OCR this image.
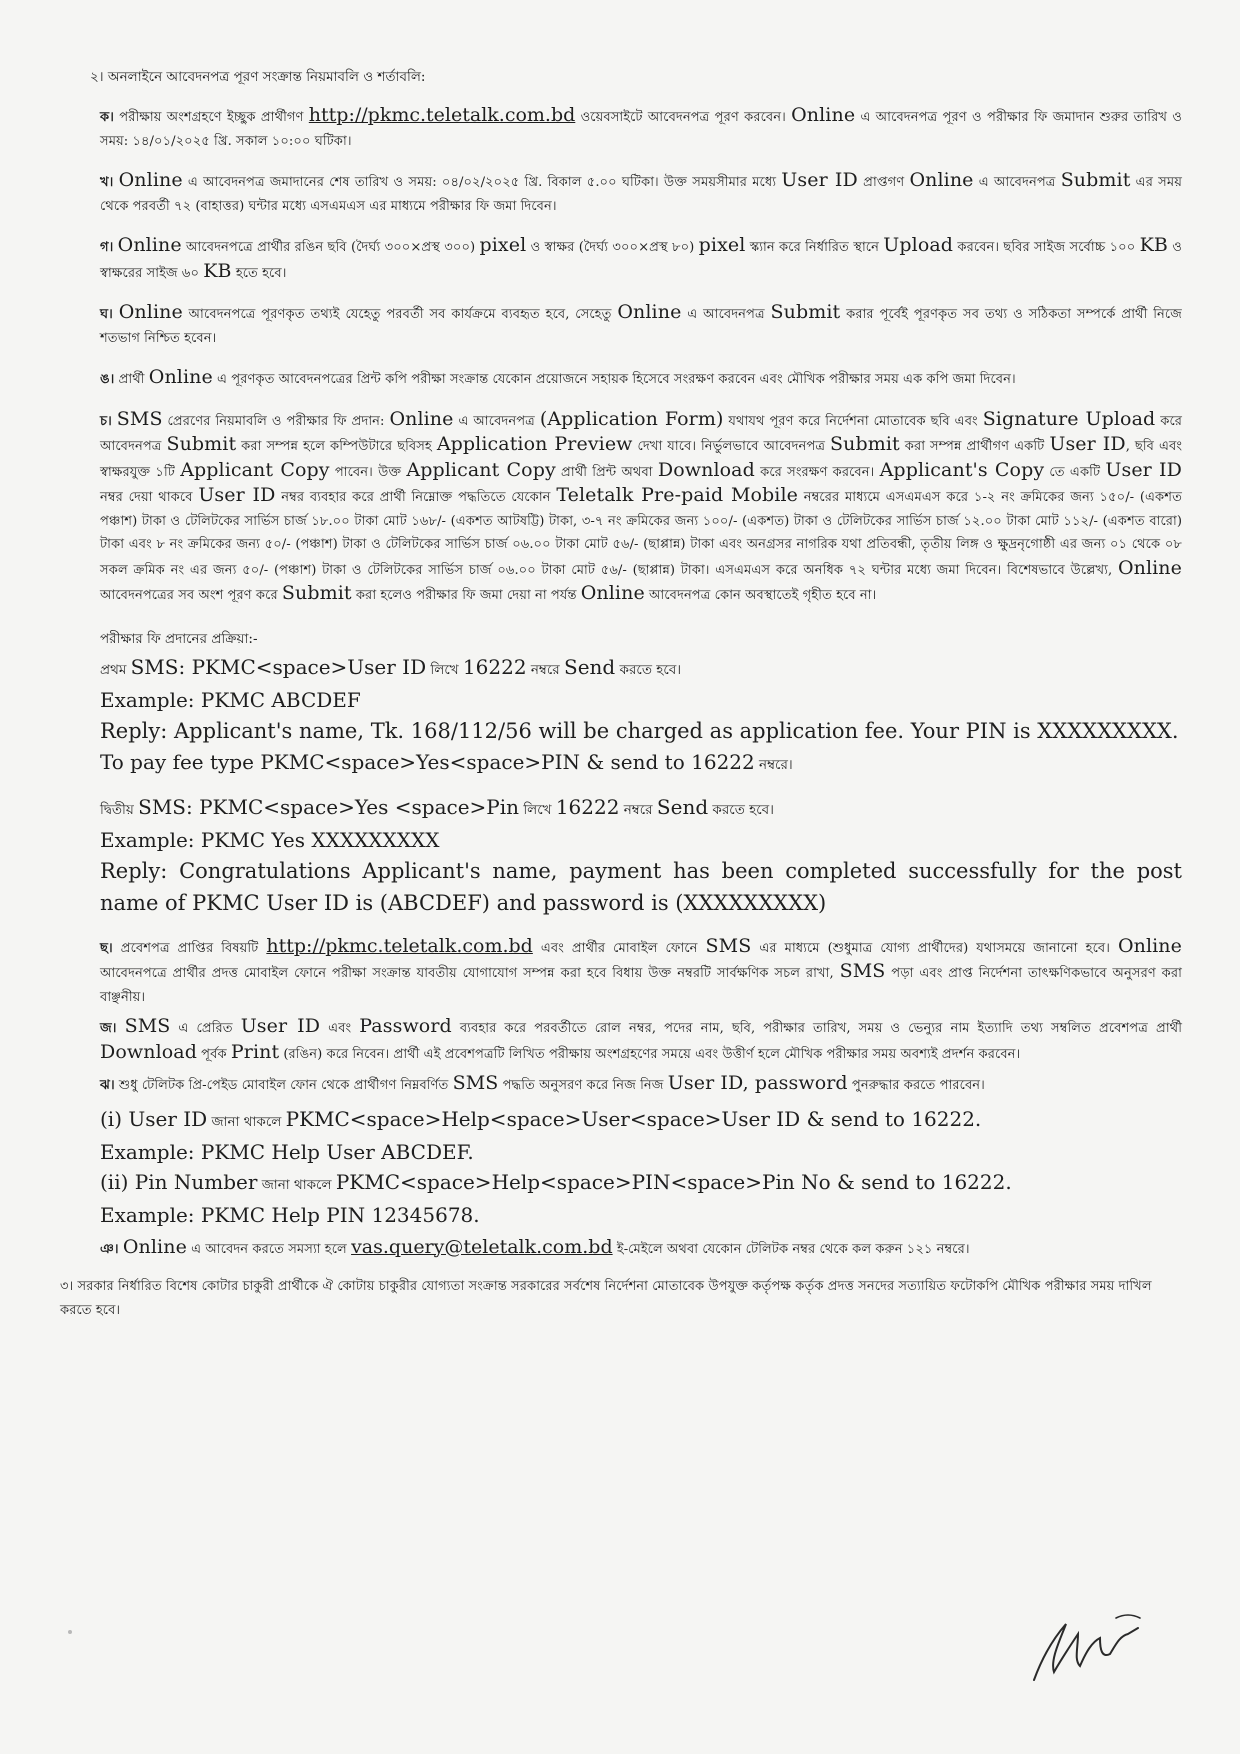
২। অনলাইনে আবেদনপত্র পূরণ সংক্রান্ত নিয়মাবলি ও শর্তাবলি:

ক। পরীক্ষায় অংশগ্রহণে ইচ্ছুক প্রার্থীগণ http://pkmc.teletalk.com.bd ওয়েবসাইটে আবেদনপত্র পূরণ করবেন। Online এ আবেদনপত্র পূরণ ও পরীক্ষার ফি জমাদান শুরুর তারিখ ও সময়: ১৪/০১/২০২৫ খ্রি. সকাল ১০:০০ ঘটিকা।

খ। Online এ আবেদনপত্র জমাদানের শেষ তারিখ ও সময়: ০৪/০২/২০২৫ খ্রি. বিকাল ৫.০০ ঘটিকা। উক্ত সময়সীমার মধ্যে User ID প্রাপ্তগণ Online এ আবেদনপত্র Submit এর সময় থেকে পরবর্তী ৭২ (বাহাত্তর) ঘন্টার মধ্যে এসএমএস এর মাধ্যমে পরীক্ষার ফি জমা দিবেন।

গ। Online আবেদনপত্রে প্রার্থীর রঙিন ছবি (দৈর্ঘ্য ৩০০×প্রস্থ ৩০০) pixel ও স্বাক্ষর (দৈর্ঘ্য ৩০০×প্রস্থ ৮০) pixel স্ক্যান করে নির্ধারিত স্থানে Upload করবেন। ছবির সাইজ সর্বোচ্চ ১০০ KB ও স্বাক্ষরের সাইজ ৬০ KB হতে হবে।

ঘ। Online আবেদনপত্রে পূরণকৃত তথ্যই যেহেতু পরবর্তী সব কার্যক্রমে ব্যবহৃত হবে, সেহেতু Online এ আবেদনপত্র Submit করার পূর্বেই পূরণকৃত সব তথ্য ও সঠিকতা সম্পর্কে প্রার্থী নিজে শতভাগ নিশ্চিত হবেন।

ঙ। প্রার্থী Online এ পূরণকৃত আবেদনপত্রের প্রিন্ট কপি পরীক্ষা সংক্রান্ত যেকোন প্রয়োজনে সহায়ক হিসেবে সংরক্ষণ করবেন এবং মৌখিক পরীক্ষার সময় এক কপি জমা দিবেন।

চ। SMS প্রেরণের নিয়মাবলি ও পরীক্ষার ফি প্রদান: Online এ আবেদনপত্র (Application Form) যথাযথ পূরণ করে নির্দেশনা মোতাবেক ছবি এবং Signature Upload করে আবেদনপত্র Submit করা সম্পন্ন হলে কম্পিউটারে ছবিসহ Application Preview দেখা যাবে। নির্ভুলভাবে আবেদনপত্র Submit করা সম্পন্ন প্রার্থীগণ একটি User ID, ছবি এবং স্বাক্ষরযুক্ত ১টি Applicant Copy পাবেন। উক্ত Applicant Copy প্রার্থী প্রিন্ট অথবা Download করে সংরক্ষণ করবেন। Applicant's Copy তে একটি User ID নম্বর দেয়া থাকবে User ID নম্বর ব্যবহার করে প্রার্থী নিম্নোক্ত পদ্ধতিতে যেকোন Teletalk Pre-paid Mobile নম্বরের মাধ্যমে এসএমএস করে ১-২ নং ক্রমিকের জন্য ১৫০/- (একশত পঞ্চাশ) টাকা ও টেলিটকের সার্ভিস চার্জ ১৮.০০ টাকা মোট ১৬৮/- (একশত আটষট্টি) টাকা, ৩-৭ নং ক্রমিকের জন্য ১০০/- (একশত) টাকা ও টেলিটকের সার্ভিস চার্জ ১২.০০ টাকা মোট ১১২/- (একশত বারো) টাকা এবং ৮ নং ক্রমিকের জন্য ৫০/- (পঞ্চাশ) টাকা ও টেলিটকের সার্ভিস চার্জ ০৬.০০ টাকা মোট ৫৬/- (ছাপ্পান্ন) টাকা এবং অনগ্রসর নাগরিক যথা প্রতিবন্ধী, তৃতীয় লিঙ্গ ও ক্ষুদ্রনৃগোষ্ঠী এর জন্য ০১ থেকে ০৮ সকল ক্রমিক নং এর জন্য ৫০/- (পঞ্চাশ) টাকা ও টেলিটকের সার্ভিস চার্জ ০৬.০০ টাকা মোট ৫৬/- (ছাপ্পান্ন) টাকা। এসএমএস করে অনধিক ৭২ ঘন্টার মধ্যে জমা দিবেন। বিশেষভাবে উল্লেখ্য, Online আবেদনপত্রের সব অংশ পূরণ করে Submit করা হলেও পরীক্ষার ফি জমা দেয়া না পর্যন্ত Online আবেদনপত্র কোন অবস্থাতেই গৃহীত হবে না।

পরীক্ষার ফি প্রদানের প্রক্রিয়া:-

প্রথম SMS: PKMC<space>User ID লিখে 16222 নম্বরে Send করতে হবে।

Example: PKMC ABCDEF

Reply: Applicant's name, Tk. 168/112/56 will be charged as application fee. Your PIN is XXXXXXXXX.

To pay fee type PKMC<space>Yes<space>PIN & send to 16222 নম্বরে।

দ্বিতীয় SMS: PKMC<space>Yes <space>Pin লিখে 16222 নম্বরে Send করতে হবে।

Example: PKMC Yes XXXXXXXXX

Reply: Congratulations Applicant's name, payment has been completed successfully for the post name of PKMC User ID is (ABCDEF) and password is (XXXXXXXXX)

ছ। প্রবেশপত্র প্রাপ্তির বিষয়টি http://pkmc.teletalk.com.bd এবং প্রার্থীর মোবাইল ফোনে SMS এর মাধ্যমে (শুধুমাত্র যোগ্য প্রার্থীদের) যথাসময়ে জানানো হবে। Online আবেদনপত্রে প্রার্থীর প্রদত্ত মোবাইল ফোনে পরীক্ষা সংক্রান্ত যাবতীয় যোগাযোগ সম্পন্ন করা হবে বিধায় উক্ত নম্বরটি সার্বক্ষণিক সচল রাখা, SMS পড়া এবং প্রাপ্ত নির্দেশনা তাৎক্ষণিকভাবে অনুসরণ করা বাঞ্ছনীয়।

জ। SMS এ প্রেরিত User ID এবং Password ব্যবহার করে পরবর্তীতে রোল নম্বর, পদের নাম, ছবি, পরীক্ষার তারিখ, সময় ও ভেন্যুর নাম ইত্যাদি তথ্য সম্বলিত প্রবেশপত্র প্রার্থী Download পূর্বক Print (রঙিন) করে নিবেন। প্রার্থী এই প্রবেশপত্রটি লিখিত পরীক্ষায় অংশগ্রহণের সময়ে এবং উত্তীর্ণ হলে মৌখিক পরীক্ষার সময় অবশ্যই প্রদর্শন করবেন।

ঝ। শুধু টেলিটক প্রি-পেইড মোবাইল ফোন থেকে প্রার্থীগণ নিম্নবর্ণিত SMS পদ্ধতি অনুসরণ করে নিজ নিজ User ID, password পুনরুদ্ধার করতে পারবেন।

(i) User ID জানা থাকলে PKMC<space>Help<space>User<space>User ID & send to 16222.

Example: PKMC Help User ABCDEF.

(ii) Pin Number জানা থাকলে PKMC<space>Help<space>PIN<space>Pin No & send to 16222.

Example: PKMC Help PIN 12345678.

ঞ। Online এ আবেদন করতে সমস্যা হলে vas.query@teletalk.com.bd ই-মেইলে অথবা যেকোন টেলিটক নম্বর থেকে কল করুন ১২১ নম্বরে।

৩। সরকার নির্ধারিত বিশেষ কোটার চাকুরী প্রার্থীকে ঐ কোটায় চাকুরীর যোগ্যতা সংক্রান্ত সরকারের সর্বশেষ নির্দেশনা মোতাবেক উপযুক্ত কর্তৃপক্ষ কর্তৃক প্রদত্ত সনদের সত্যায়িত ফটোকপি মৌখিক পরীক্ষার সময় দাখিল করতে হবে।
